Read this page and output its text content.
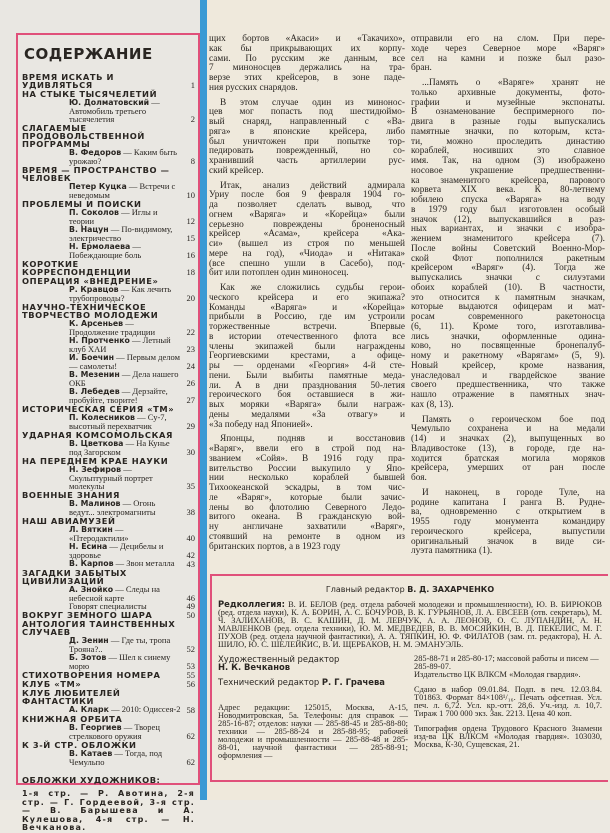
СОДЕРЖАНИЕ
ВРЕМЯ ИСКАТЬ И УДИВЛЯТЬСЯ	1
НА СТЫКЕ ТЫСЯЧЕЛЕТИЙ
Ю. Долматовский — Автомобиль третьего тысячелетия	2
СЛАГАЕМЫЕ ПРОДОВОЛЬСТВЕННОЙ ПРОГРАММЫ
В. Федоров — Каким быть урожаю?	8
ВРЕМЯ — ПРОСТРАНСТВО — ЧЕЛОВЕК
Петер Куцка — Встречи с неведомым	10
ПРОБЛЕМЫ И ПОИСКИ
П. Соколов — Иглы и теории	12
В. Нацун — По-видимому, электричество	15
Н. Ермолаева — Побеждающие боль	16
КОРОТКИЕ КОРРЕСПОНДЕНЦИИ	18
ОПЕРАЦИЯ «ВНЕДРЕНИЕ»
Р. Кравцов — Как лечить трубопроводы?	20
НАУЧНО-ТЕХНИЧЕСКОЕ ТВОРЧЕСТВО МОЛОДЕЖИ
К. Арсеньев — Продолжение традиции	22
Н. Протченко — Летный клуб ХАИ	23
И. Боечин — Первым делом — самолеты!	24
В. Мезенин — Дела нашего ОКБ	26
В. Лебедев — Дерзайте, пробуйте, творите!	27
ИСТОРИЧЕСКАЯ СЕРИЯ «ТМ»
П. Колесников — Су-7, высотный перехватчик	29
УДАРНАЯ КОМСОМОЛЬСКАЯ
В. Цветкова — На Кунье под Загорском	30
НА ПЕРЕДНЕМ КРАЕ НАУКИ
Н. Зефиров — Скульптурный портрет молекулы	35
ВОЕННЫЕ ЗНАНИЯ
В. Малинов — Огонь ведут... электромагниты	38
НАШ АВИАМУЗЕЙ
Л. Вяткин — «Птеродактили»	40
Н. Есина — Децибелы и здоровье	42
В. Карпов — Звон металла	43
ЗАГАДКИ ЗАБЫТЫХ ЦИВИЛИЗАЦИЙ
А. Знойко — Следы на небесной карте	46
Говорят специалисты	49
ВОКРУГ ЗЕМНОГО ШАРА	50
АНТОЛОГИЯ ТАИНСТВЕННЫХ СЛУЧАЕВ
Д. Зенин — Где ты, тропа Трояна?..	52
Б. Зотов — Шел к синему морю	53
СТИХОТВОРЕНИЯ НОМЕРА	55
КЛУБ «ТМ»	56
КЛУБ ЛЮБИТЕЛЕЙ ФАНТАСТИКИ
А. Кларк — 2010: Одиссея-2 58
КНИЖНАЯ ОРБИТА
В. Георгиев — Творец стрелкового оружия	62
К 3-Й СТР. ОБЛОЖКИ
В. Катаев — Тогда, под Чемульпо	62
ОБЛОЖКИ ХУДОЖНИКОВ:
1-я стр. — Р. Авотина, 2-я стр. — Г. Гордеевой, 3-я стр. — В. Барышева и А. Кулешова, 4-я стр. — Н. Вечканова.
щих бортов «Акаси» и «Такачихо»,
как бы прикрывающих их корпу-
сами. По русским же данным, все
7 миноносцев держались на тра-
верзе этих крейсеров, в зоне паде-
ния русских снарядов.
В этом случае один из минонос-
цев мог попасть под шестидюймо-
вый снаряд, направленный с «Ва-
ряга» в японские крейсера, либо
был уничтожен при попытке тор-
педировать поврежденный, но со-
хранивший часть артиллерии рус-
ский крейсер.
Итак, анализ действий адмирала
Уриу после боя 9 февраля 1904 го-
да позволяет сделать вывод, что
огнем «Варяга» и «Корейца» были
серьезно повреждены броненосный
крейсер «Асама», крейсера «Ака-
си» (вышел из строя по меньшей
мере на год), «Чиода» и «Нитака»
(все спешно ушли в Сасебо), под-
бит или потоплен один миноносец.
Как же сложились судьбы герои-
ческого крейсера и его экипажа?
Команды «Варяга» и «Корейца»
прибыли в Россию, где им устроили
торжественные встречи. Впервые
в истории отечественного флота все
члены экипажей были награждены
Георгиевскими крестами, а офице-
ры — орденами «Георгия» 4-й сте-
пени. Были выбиты памятные меда-
ли. А в дни празднования 50-летия
героического боя оставшиеся в жи-
вых моряки «Варяга» были награж-
дены медалями «За отвагу» и
«За победу над Японией».
Японцы, подняв и восстановив
«Варяг», ввели его в строй под на-
званием «Сойя». В 1916 году пра-
вительство России выкупило у Япо-
нии несколько кораблей бывшей
Тихоокеанской эскадры, в том чис-
ле «Варяг», которые были зачис-
лены во флотолию Северного Ледо-
витого океана. В гражданскую вой-
ну англичане захватили «Варяг»,
стоявший на ремонте в одном из
британских портов, а в 1923 году
отправили его на слом. При пере-
ходе через Северное море «Варяг»
сел на камни и позже был разо-
бран.
...Память о «Варяге» хранят не
только архивные документы, фото-
графии и музейные экспонаты.
В ознаменование беспримерного по-
двига в разные годы выпускались
памятные значки, по которым, кста-
ти, можно проследить династию
кораблей, носивших это славное
имя. Так, на одном (3) изображено
носовое украшение предшественни-
ка знаменитого крейсера, парового
корвета XIX века. К 80-летнему
юбилею спуска «Варяга» на воду
в 1979 году был изготовлен особый
значок (12), выпускавшийся в раз-
ных вариантах, и значки с изобра-
жением знаменитого крейсера (7).
После войны Советский Военно-Мор-
ской Флот пополнился ракетным
крейсером «Варяг» (4). Тогда же
выпускались значки с силуэтами
обоих кораблей (10). В частности,
это относится к памятным значкам,
которые выдаются офицерам и мат-
росам современного ракетоносца
(6, 11). Кроме того, изготавлива-
лись значки, оформленные одина-
ково, но посвященные бронепалуб-
ному и ракетному «Варягам» (5, 9).
Новый крейсер, кроме названия,
унаследовал и гвардейское звание
своего предшественника, что также
нашло отражение в памятных знач-
ках (8, 13).
Память о героическом бое под
Чемульпо сохранена и на медали
(14) и значках (2), выпущенных во
Владивостоке (13), в городе, где на-
ходится братская могила моряков
крейсера, умерших от ран после
боя.
И наконец, в городе Туле, на
родине капитана I ранга В. Рудне-
ва, одновременно с открытием в
1955 году монумента командиру
героического крейсера, выпустили
оригинальный значок в виде си-
луэта памятника (1).
Главный редактор В. Д. ЗАХАРЧЕНКО
Редколлегия: В. И. БЕЛОВ (ред. отдела рабочей молодежи и промышленности), Ю. В. БИРЮКОВ (ред. отдела науки), К. А. БОРИН, А. С. БОЧУРОВ, В. К. ГУРЬЯНОВ, Л. А. ЕВСЕЕВ (отв. секретарь), М. Ч. ЗАЛИХАНОВ, В. С. КАШИН, Д. М. ЛЕВЧУК, А. А. ЛЕОНОВ, О. С. ЛУПАНДИН, А. Н. МАВЛЕНКОВ (ред. отдела техники), Ю. М. МЕДВЕДЕВ, В. В. МОСЯЙКИН, В. Д. ПЕКЕЛИС, М. Г. ПУХОВ (ред. отдела научной фантастики), А. А. ТЯПКИН, Ю. Ф. ФИЛАТОВ (зам. гл. редактора), Н. А. ШИЛО, Ю. С. ШЕЛЕЙКИС, В. И. ЩЕРБАКОВ, Н. М. ЭМАНУЭЛЬ.
Художественный редактор
Н. К. Вечканов
Технический редактор Р. Г. Грачева
Адрес редакции: 125015, Москва, А-15, Новодмитровская, 5а. Телефоны: для справок — 285-16-87; отделов: науки — 285-88-45 и 285-88-80; техники — 285-88-24 и 285-88-95; рабочей молодежи и промышленности — 285-88-48 и 285-88-01, научной фантастики — 285-88-91; оформления —
285-88-71 и 285-80-17; массовой работы и писем — 285-89-07.
Издательство ЦК ВЛКСМ «Молодая гвардия».
Сдано в набор 09.01.84. Подп. в печ. 12.03.84. Т01863. Формат 84×108¹/₁₆. Печать офсетная. Усл. печ. л. 6,72. Усл. кр.-отт. 28,6. Уч.-изд. л. 10,7. Тираж 1 700 000 экз. Зак. 2213. Цена 40 коп.
Типография ордена Трудового Красного Знамени изд-ва ЦК ВЛКСМ «Молодая гвардия». 103030, Москва, К-30, Сущевская, 21.
